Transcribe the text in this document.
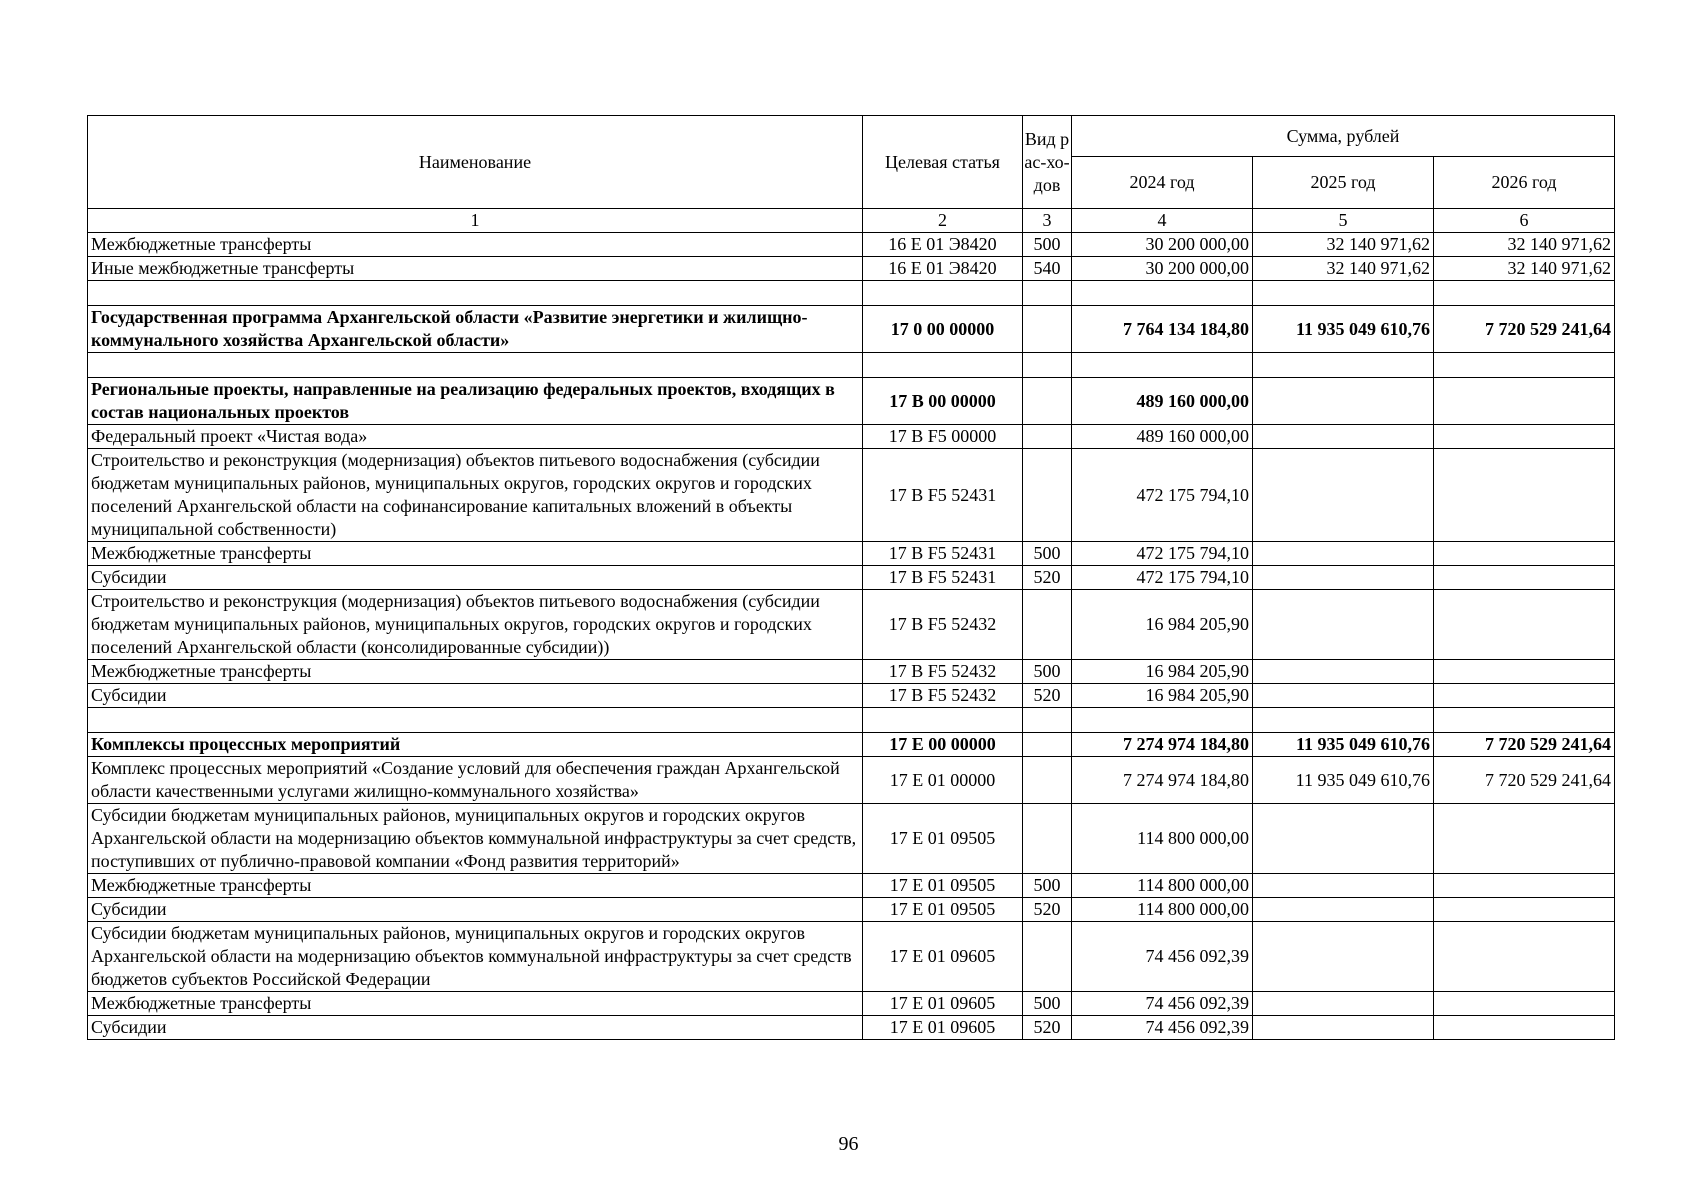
Наименование	Целевая статья	Вид рас-хо-дов	Сумма, рублей		
			2024 год	2025 год	2026 год
1	2	3	4	5	6
Межбюджетные трансферты	16 Е 01 Э8420	500	30 200 000,00	32 140 971,62	32 140 971,62
Иные межбюджетные трансферты	16 Е 01 Э8420	540	30 200 000,00	32 140 971,62	32 140 971,62

Государственная программа Архангельской области «Развитие энергетики и жилищно-коммунального хозяйства Архангельской области»	17 0 00 00000		7 764 134 184,80	11 935 049 610,76	7 720 529 241,64

Региональные проекты, направленные на реализацию федеральных проектов, входящих в состав национальных проектов	17 В 00 00000		489 160 000,00		
Федеральный проект «Чистая вода»	17 В F5 00000		489 160 000,00		
Строительство и реконструкция (модернизация) объектов питьевого водоснабжения (субсидии бюджетам муниципальных районов, муниципальных округов, городских округов и городских поселений Архангельской области на софинансирование капитальных вложений в объекты муниципальной собственности)	17 В F5 52431		472 175 794,10		
Межбюджетные трансферты	17 В F5 52431	500	472 175 794,10		
Субсидии	17 В F5 52431	520	472 175 794,10		
Строительство и реконструкция (модернизация) объектов питьевого водоснабжения (субсидии бюджетам муниципальных районов, муниципальных округов, городских округов и городских поселений Архангельской области (консолидированные субсидии))	17 В F5 52432		16 984 205,90		
Межбюджетные трансферты	17 В F5 52432	500	16 984 205,90		
Субсидии	17 В F5 52432	520	16 984 205,90		

Комплексы процессных мероприятий	17 Е 00 00000		7 274 974 184,80	11 935 049 610,76	7 720 529 241,64
Комплекс процессных мероприятий «Создание условий для обеспечения граждан Архангельской области качественными услугами жилищно-коммунального хозяйства»	17 Е 01 00000		7 274 974 184,80	11 935 049 610,76	7 720 529 241,64
Субсидии бюджетам муниципальных районов, муниципальных округов и городских округов Архангельской области на модернизацию объектов коммунальной инфраструктуры за счет средств, поступивших от публично-правовой компании «Фонд развития территорий»	17 Е 01 09505		114 800 000,00		
Межбюджетные трансферты	17 Е 01 09505	500	114 800 000,00		
Субсидии	17 Е 01 09505	520	114 800 000,00		
Субсидии бюджетам муниципальных районов, муниципальных округов и городских округов Архангельской области на модернизацию объектов коммунальной инфраструктуры за счет средств бюджетов субъектов Российской Федерации	17 Е 01 09605		74 456 092,39		
Межбюджетные трансферты	17 Е 01 09605	500	74 456 092,39		
Субсидии	17 Е 01 09605	520	74 456 092,39		
96
